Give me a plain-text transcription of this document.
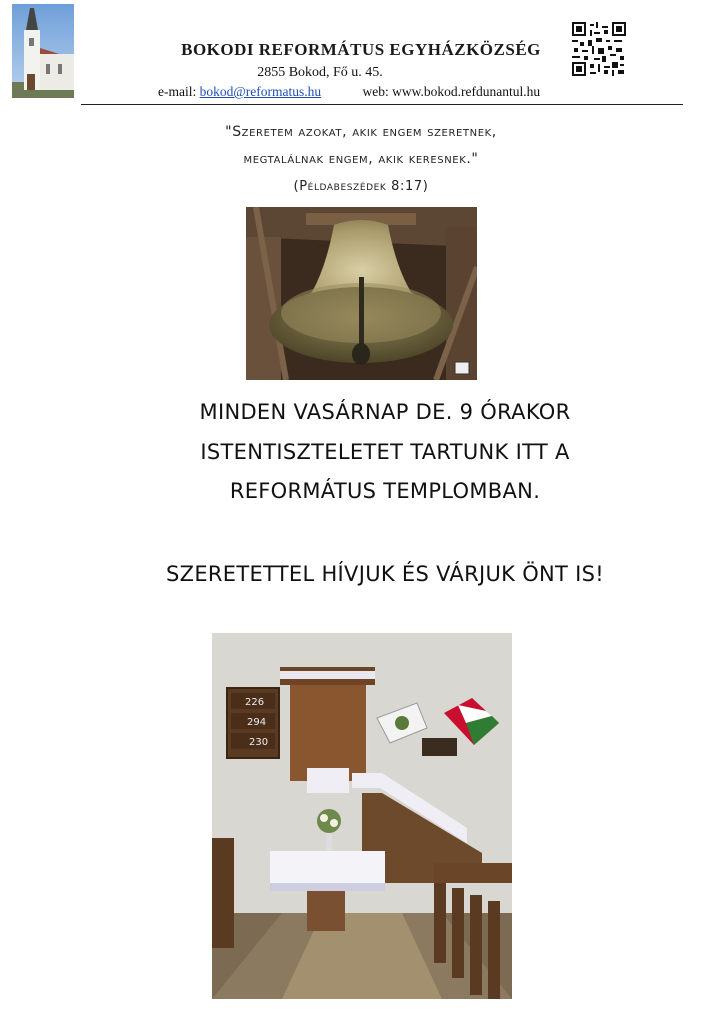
BOKODI REFORMÁTUS EGYHÁZKÖZSÉG
2855 Bokod, Fő u. 45.
e-mail: bokod@reformatus.hu	web: www.bokod.refdunantul.hu
"Szeretem azokat, akik engem szeretnek,
megtalálnak engem, akik keresnek."
(Példabeszédek 8:17)
MINDEN VASÁRNAP DE. 9 ÓRAKOR
ISTENTISZTELETET TARTUNK ITT A
REFORMÁTUS TEMPLOMBAN.
SZERETETTEL HÍVJUK ÉS VÁRJUK ÖNT IS!
226
294
230
